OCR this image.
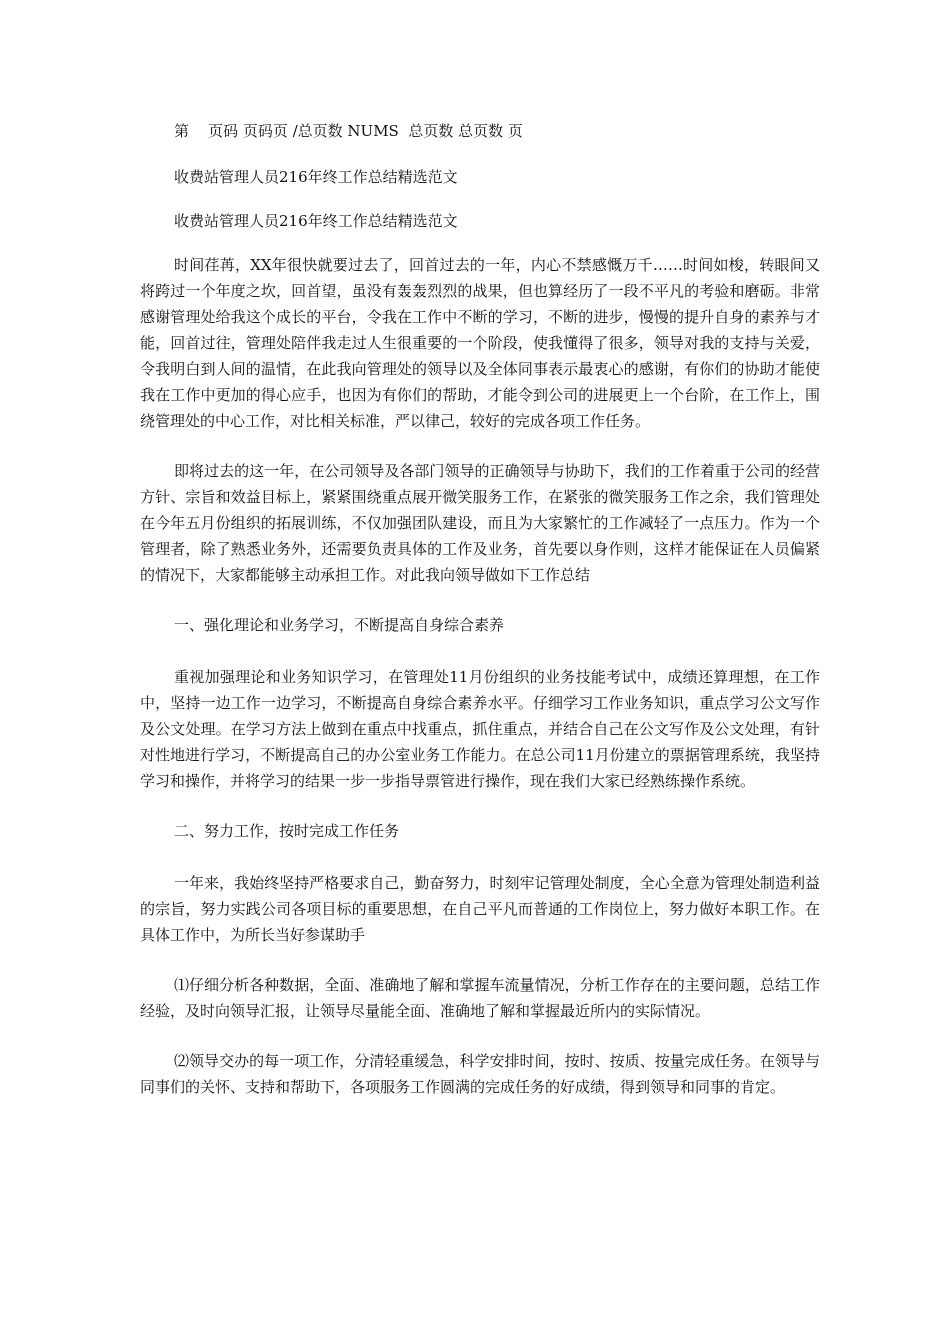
第    页码 页码页 /总页数 NUMS  总页数 总页数 页

收费站管理人员216年终工作总结精选范文

收费站管理人员216年终工作总结精选范文

时间荏苒，XX年很快就要过去了，回首过去的一年，内心不禁感慨万千……时间如梭，转眼间又将跨过一个年度之坎，回首望，虽没有轰轰烈烈的战果，但也算经历了一段不平凡的考验和磨砺。非常感谢管理处给我这个成长的平台，令我在工作中不断的学习，不断的进步，慢慢的提升自身的素养与才能，回首过往，管理处陪伴我走过人生很重要的一个阶段，使我懂得了很多，领导对我的支持与关爱，令我明白到人间的温情，在此我向管理处的领导以及全体同事表示最衷心的感谢，有你们的协助才能使我在工作中更加的得心应手，也因为有你们的帮助，才能令到公司的进展更上一个台阶，在工作上，围绕管理处的中心工作，对比相关标准，严以律己，较好的完成各项工作任务。

即将过去的这一年，在公司领导及各部门领导的正确领导与协助下，我们的工作着重于公司的经营方针、宗旨和效益目标上，紧紧围绕重点展开微笑服务工作，在紧张的微笑服务工作之余，我们管理处在今年五月份组织的拓展训练，不仅加强团队建设，而且为大家繁忙的工作减轻了一点压力。作为一个管理者，除了熟悉业务外，还需要负责具体的工作及业务，首先要以身作则，这样才能保证在人员偏紧的情况下，大家都能够主动承担工作。对此我向领导做如下工作总结

一、强化理论和业务学习，不断提高自身综合素养

重视加强理论和业务知识学习，在管理处11月份组织的业务技能考试中，成绩还算理想，在工作中，坚持一边工作一边学习，不断提高自身综合素养水平。仔细学习工作业务知识，重点学习公文写作及公文处理。在学习方法上做到在重点中找重点，抓住重点，并结合自己在公文写作及公文处理，有针对性地进行学习，不断提高自己的办公室业务工作能力。在总公司11月份建立的票据管理系统，我坚持学习和操作，并将学习的结果一步一步指导票管进行操作，现在我们大家已经熟练操作系统。

二、努力工作，按时完成工作任务

一年来，我始终坚持严格要求自己，勤奋努力，时刻牢记管理处制度，全心全意为管理处制造利益的宗旨，努力实践公司各项目标的重要思想，在自己平凡而普通的工作岗位上，努力做好本职工作。在具体工作中，为所长当好参谋助手

⑴仔细分析各种数据，全面、准确地了解和掌握车流量情况，分析工作存在的主要问题，总结工作经验，及时向领导汇报，让领导尽量能全面、准确地了解和掌握最近所内的实际情况。

⑵领导交办的每一项工作，分清轻重缓急，科学安排时间，按时、按质、按量完成任务。在领导与同事们的关怀、支持和帮助下，各项服务工作圆满的完成任务的好成绩，得到领导和同事的肯定。
